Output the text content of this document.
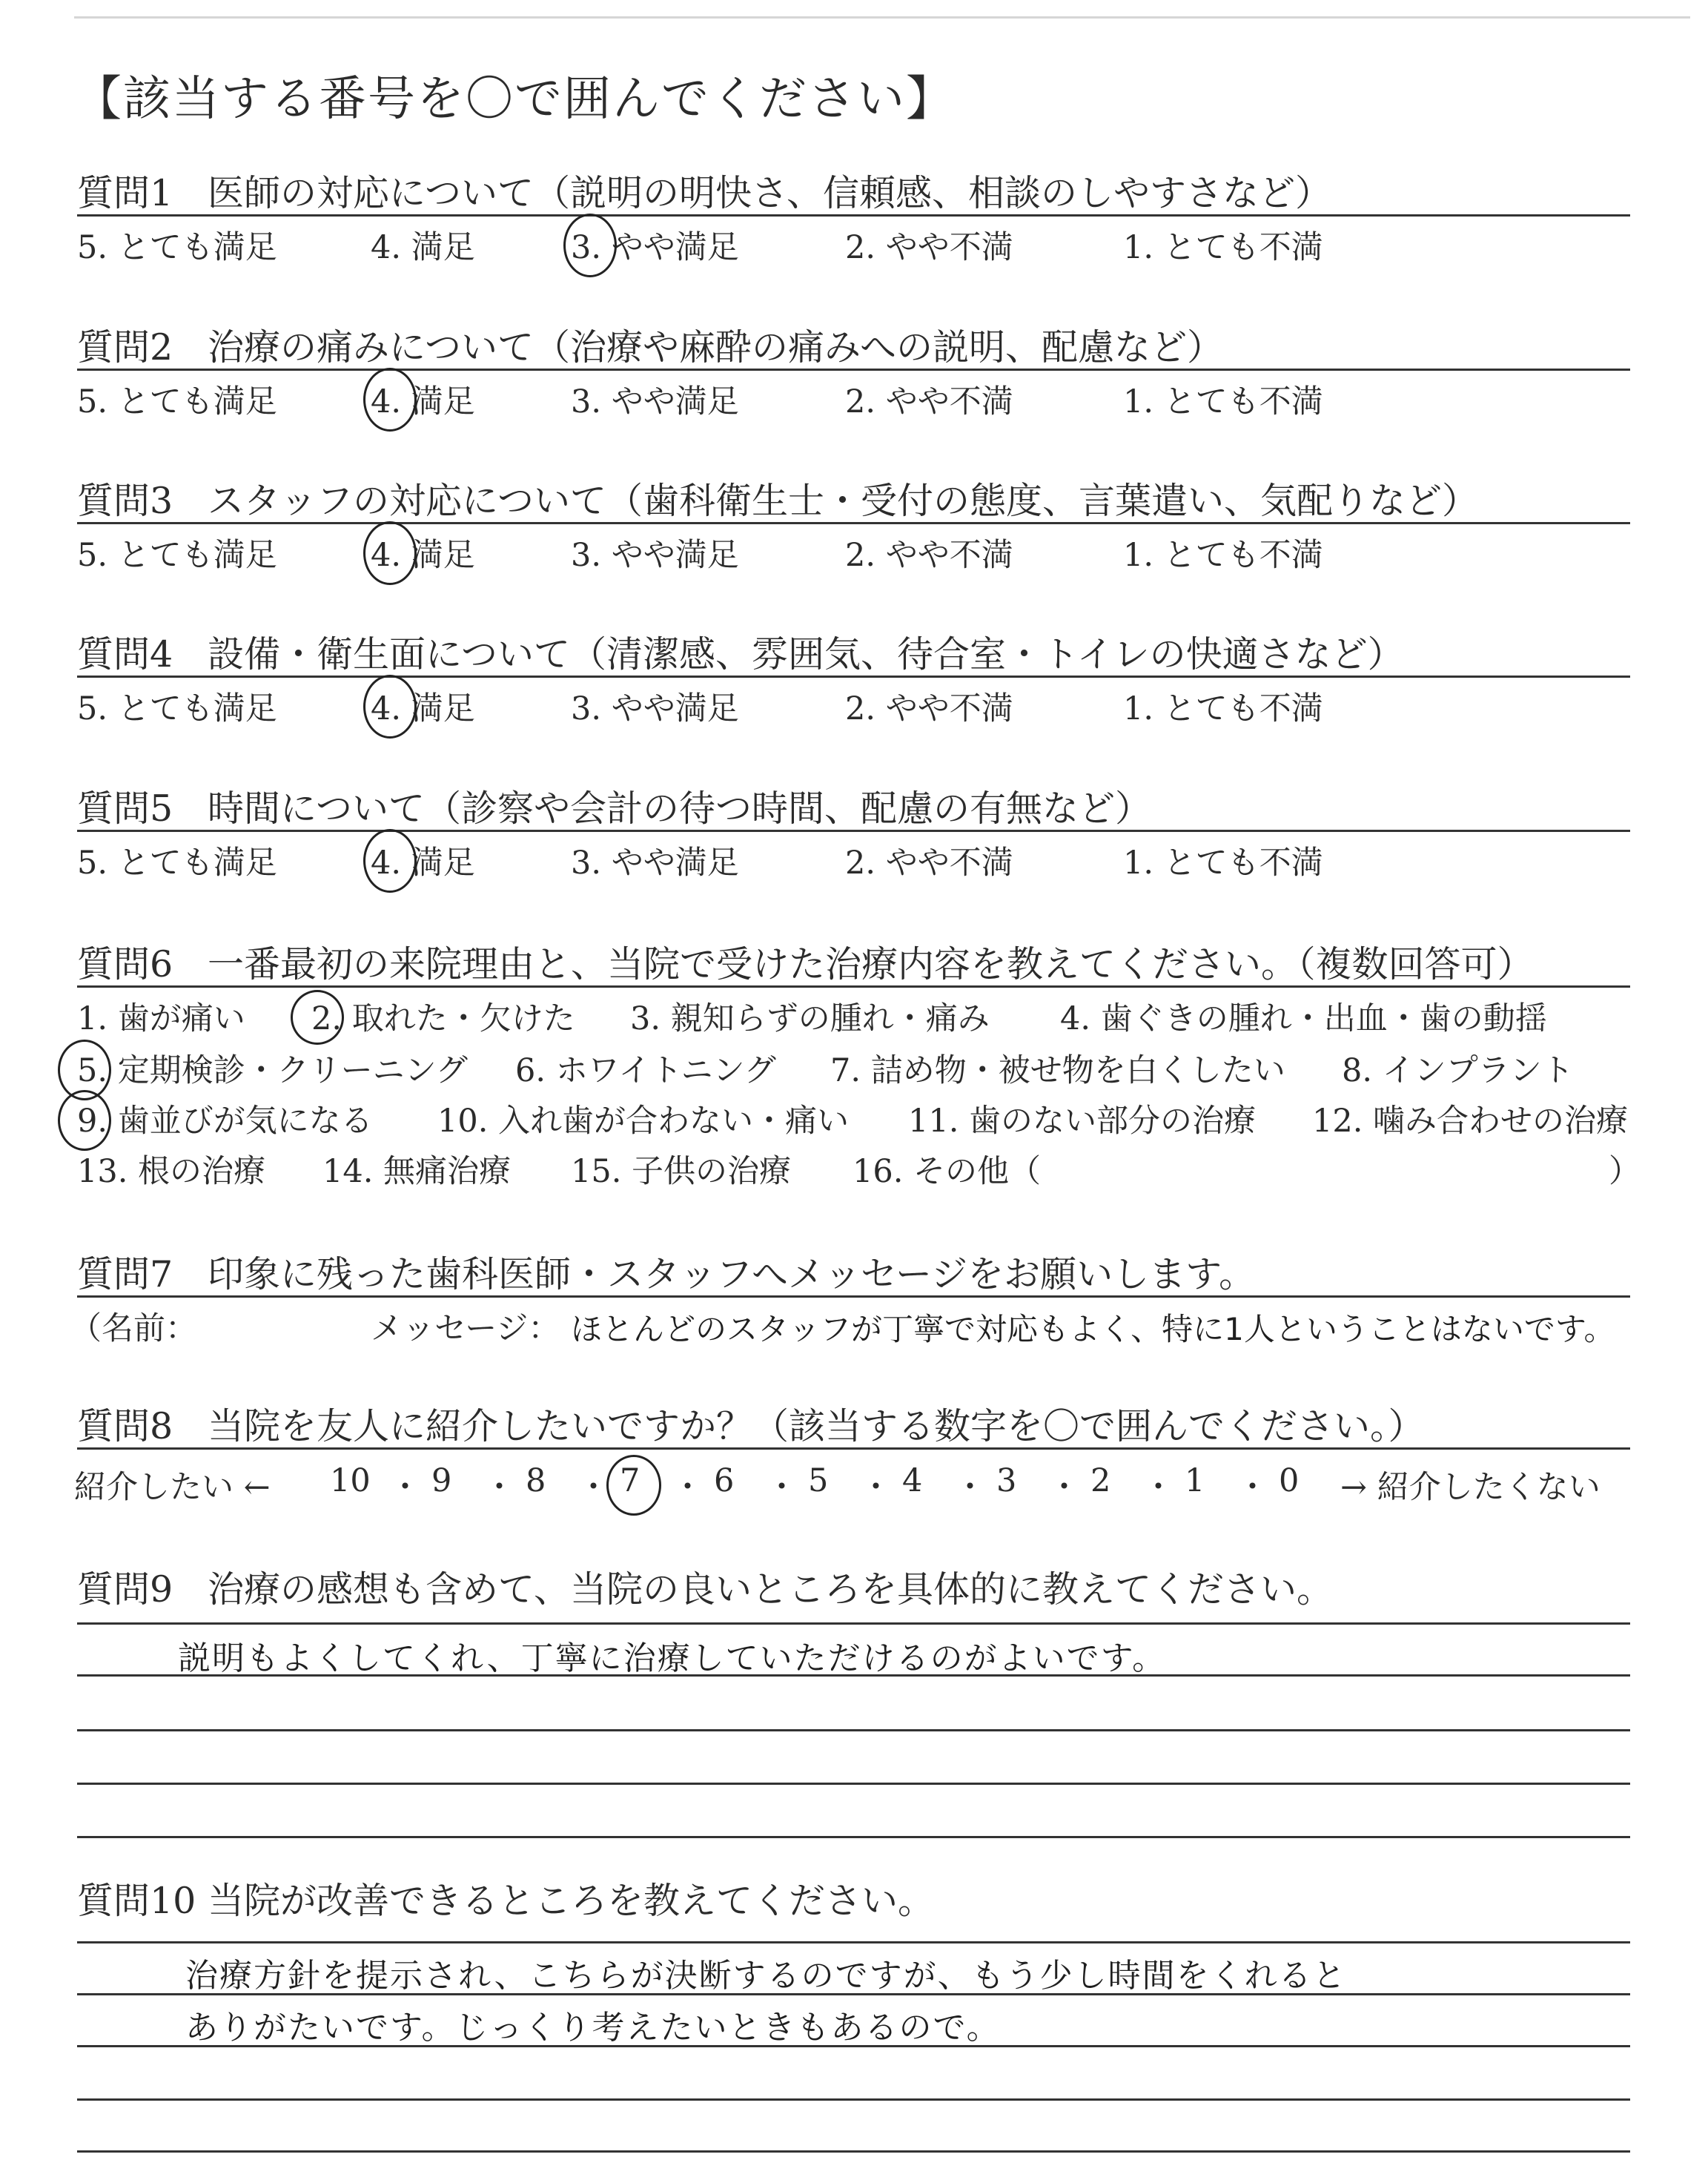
【該当する番号を〇で囲んでください】
質問1 医師の対応について（説明の明快さ、信頼感、相談のしやすさなど）
5. とても満足	4. 満足	3. やや満足	2. やや不満	1. とても不満
質問2 治療の痛みについて（治療や麻酔の痛みへの説明、配慮など）
5. とても満足	4. 満足	3. やや満足	2. やや不満	1. とても不満
質問3 スタッフの対応について（歯科衛生士・受付の態度、言葉遣い、気配りなど）
5. とても満足	4. 満足	3. やや満足	2. やや不満	1. とても不満
質問4 設備・衛生面について（清潔感、雰囲気、待合室・トイレの快適さなど）
5. とても満足	4. 満足	3. やや満足	2. やや不満	1. とても不満
質問5 時間について（診察や会計の待つ時間、配慮の有無など）
5. とても満足	4. 満足	3. やや満足	2. やや不満	1. とても不満
質問6 一番最初の来院理由と、当院で受けた治療内容を教えてください。（複数回答可）
1. 歯が痛い 2. 取れた・欠けた 3. 親知らずの腫れ・痛み 4. 歯ぐきの腫れ・出血・歯の動揺
5. 定期検診・クリーニング 6. ホワイトニング 7. 詰め物・被せ物を白くしたい 8. インプラント
9. 歯並びが気になる 10. 入れ歯が合わない・痛い 11. 歯のない部分の治療 12. 噛み合わせの治療
13. 根の治療 14. 無痛治療 15. 子供の治療 16. その他（	）
質問7 印象に残った歯科医師・スタッフへメッセージをお願いします。
（名前：	メッセージ： ほとんどのスタッフが丁寧で対応もよく、特に1人ということはないです。
質問8 当院を友人に紹介したいですか？（該当する数字を〇で囲んでください。）
紹介したい ←	→ 紹介したくない
10 ・ 9 ・ 8 ・ 7 ・ 6 ・ 5 ・ 4 ・ 3 ・ 2 ・ 1 ・ 0
質問9 治療の感想も含めて、当院の良いところを具体的に教えてください。
説明もよくしてくれ、丁寧に治療していただけるのがよいです。
質問10 当院が改善できるところを教えてください。
治療方針を提示され、こちらが決断するのですが、もう少し時間をくれると
ありがたいです。じっくり考えたいときもあるので。
